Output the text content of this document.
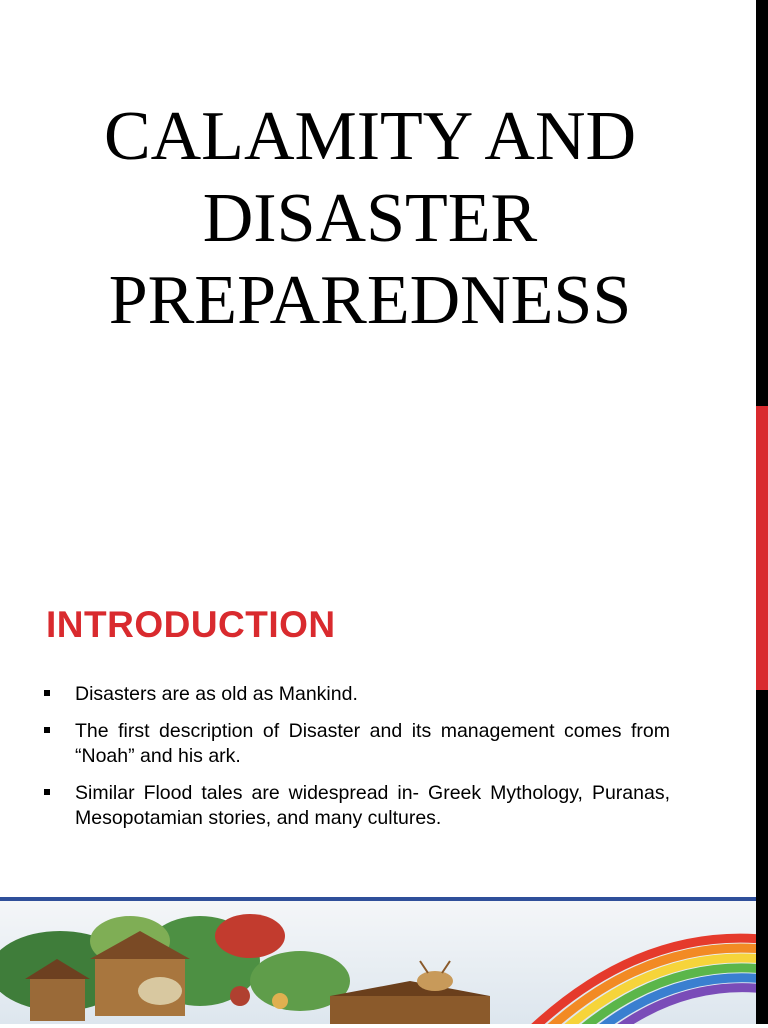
CALAMITY AND
DISASTER
PREPAREDNESS
INTRODUCTION
Disasters are as old as Mankind.
The first description of Disaster and its management comes from “Noah” and his ark.
Similar Flood tales are widespread in- Greek Mythology, Puranas, Mesopotamian stories, and many cultures.
